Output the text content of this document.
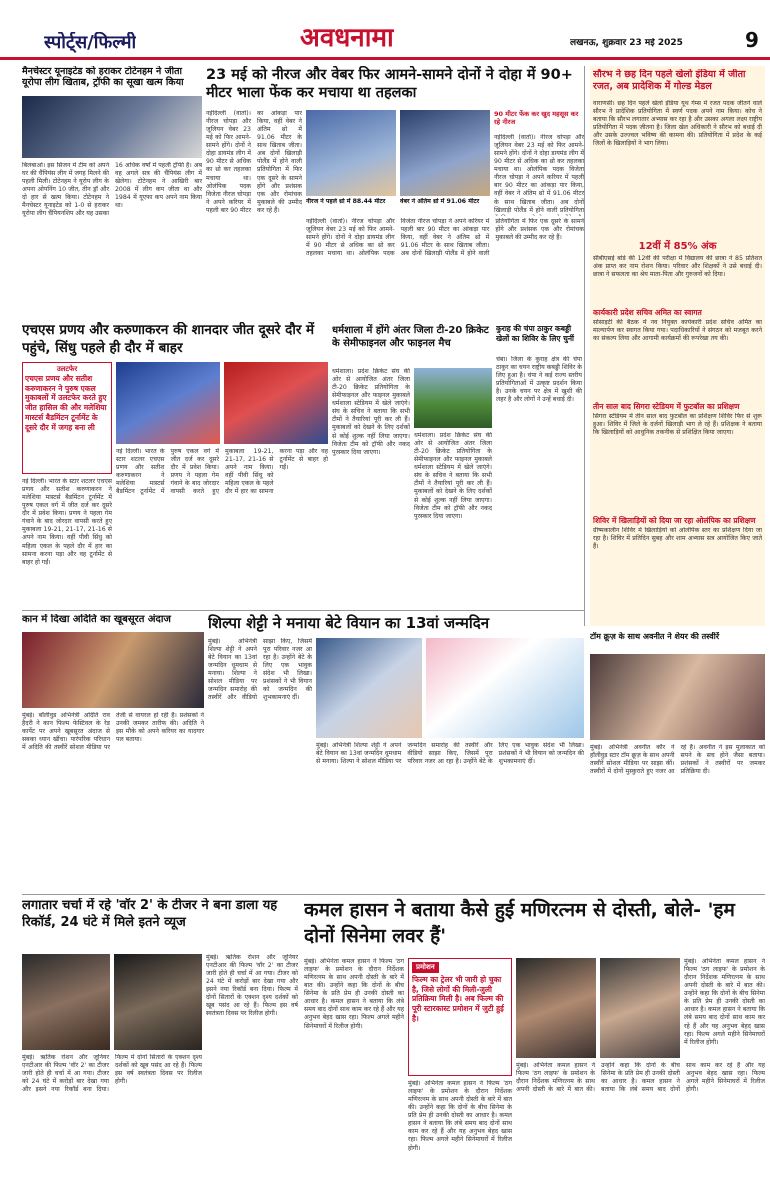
स्पोर्ट्स/फिल्मी	अवधनामा	लखनऊ, शुक्रवार 23 मई 2025	9
मैनचेस्टर यूनाइटेड को हराकर टोटेनहम ने जीता यूरोपा लीग खिताब, ट्रॉफी का सूखा खत्म किया
बिलबाओ। इस सिजन में टीम को अपने घर की चैंपियंस लीग में जगह मिलने की पहली मिली। टोटेनहम ने यूरोप लीग के अपना ओपनिंग 10 जीत, तीन ड्रॉ और दो हार से खत्म किया। टोटेनहम ने मैनचेस्टर यूनाइटेड को 1-0 से हराकर यूरोपा लीग चैंपियनशिप और यह उसका 16 अधिक वर्षों में पहली ट्रॉफी है। अब वह अगले सत्र की चैंपियंस लीग में खेलेगा। टोटेनहम ने आखिरी बार 2008 में लीग कप जीता था और 1984 में यूएफा कप अपने नाम किया था।
23 मई को नीरज और वेबर फिर आमने-सामने दोनों ने दोहा में 90+ मीटर भाला फेंक कर मचाया था तहलका
नईदिल्ली (वार्ता)। नीरज चोपड़ा और जूलियन वेबर 23 मई को फिर आमने-सामने होंगे। दोनों ने दोहा डायमंड लीग में 90 मीटर से अधिक का थ्रो कर तहलका मचाया था। ओलंपिक पदक विजेता नीरज चोपड़ा ने अपने करियर में पहली बार 90 मीटर का आंकड़ा पार किया, वहीं वेबर ने अंतिम थ्रो में 91.06 मीटर के साथ खिताब जीता। अब दोनों खिलाड़ी पोलैंड में होने वाली प्रतियोगिता में फिर एक दूसरे के सामने होंगे और प्रशंसक एक और रोमांचक मुकाबले की उम्मीद कर रहे हैं।
नीरज ने पहले थ्रो में 88.44 मीटर	वेबर ने अंतिम थ्रो में 91.06 मीटर
90 मीटर फेंक कर खुद महसूस कर रहे नीरज
नईदिल्ली (वार्ता)। नीरज चोपड़ा और जूलियन वेबर 23 मई को फिर आमने-सामने होंगे। दोनों ने दोहा डायमंड लीग में 90 मीटर से अधिक का थ्रो कर तहलका मचाया था। ओलंपिक पदक विजेता नीरज चोपड़ा ने अपने करियर में पहली बार 90 मीटर का आंकड़ा पार किया, वहीं वेबर ने अंतिम थ्रो में 91.06 मीटर के साथ खिताब जीता। अब दोनों खिलाड़ी पोलैंड में होने वाली प्रतियोगिता में फिर एक दूसरे के सामने होंगे और प्रशंसक एक और रोमांचक मुकाबले की उम्मीद कर रहे हैं।
नईदिल्ली (वार्ता)। नीरज चोपड़ा और जूलियन वेबर 23 मई को फिर आमने-सामने होंगे। दोनों ने दोहा डायमंड लीग में 90 मीटर से अधिक का थ्रो कर तहलका मचाया था। ओलंपिक पदक विजेता नीरज चोपड़ा ने अपने करियर में पहली बार 90 मीटर का आंकड़ा पार किया, वहीं वेबर ने अंतिम थ्रो में 91.06 मीटर के साथ खिताब जीता। अब दोनों खिलाड़ी पोलैंड में होने वाली प्रतियोगिता
सौरभ ने छह दिन पहले खेलो इंडिया में जीता रजत, अब प्रादेशिक में गोल्ड मेडल
वाराणसी। छह दिन पहले खेलो इंडिया यूथ गेम्स में रजत पदक जीतने वाले सौरभ ने प्रादेशिक प्रतियोगिता में स्वर्ण पदक अपने नाम किया। कोच ने बताया कि सौरभ लगातार अभ्यास कर रहा है और उसका अगला लक्ष्य राष्ट्रीय प्रतियोगिता में पदक जीतना है। जिला खेल अधिकारी ने सौरभ को बधाई दी और उसके उज्ज्वल भविष्य की कामना की। प्रतियोगिता में प्रदेश के कई जिलों के खिलाड़ियों ने भाग लिया।
12वीं में 85% अंक
सीबीएसई बोर्ड की 12वीं की परीक्षा में विद्यालय की छात्रा ने 85 प्रतिशत अंक प्राप्त कर नाम रोशन किया। परिवार और शिक्षकों ने उसे बधाई दी। छात्रा ने सफलता का श्रेय माता-पिता और गुरुजनों को दिया।
कार्यकारी प्रदेश सचिव अमित का स्वागत
सोसाइटी की बैठक में नव नियुक्त कार्यकारी प्रदेश सचिव अमित का माल्यार्पण कर स्वागत किया गया। पदाधिकारियों ने संगठन को मजबूत करने का संकल्प लिया और आगामी कार्यक्रमों की रूपरेखा तय की।
तीन साल बाद सिगरा स्टेडियम में फुटबॉल का प्रशिक्षण
सिगरा स्टेडियम में तीन साल बाद फुटबॉल का प्रशिक्षण शिविर फिर से शुरू हुआ। शिविर में जिले के दर्जनों खिलाड़ी भाग ले रहे हैं। प्रशिक्षक ने बताया कि खिलाड़ियों को आधुनिक तकनीक से प्रशिक्षित किया जाएगा।
शिविर में खिलाड़ियों को दिया जा रहा ओलंपिक का प्रशिक्षण
ग्रीष्मकालीन शिविर में खिलाड़ियों को ओलंपिक स्तर का प्रशिक्षण दिया जा रहा है। शिविर में प्रतिदिन सुबह और शाम अभ्यास सत्र आयोजित किए जाते हैं।
एचएस प्रणय और करुणाकरन की शानदार जीत दूसरे दौर में पहुंचे, सिंधु पहले ही दौर में बाहर
उलटफेर
एचएस प्रणय और सतीश करुणाकरन ने पुरुष एकल मुकाबलों में उलटफेर करते हुए जीत हासिल की और मलेशिया मास्टर्स बैडमिंटन टूर्नामेंट के दूसरे दौर में जगह बना ली
नई दिल्ली। भारत के स्टार शटलर एचएस प्रणय और सतीश करुणाकरन ने मलेशिया मास्टर्स बैडमिंटन टूर्नामेंट में पुरुष एकल वर्ग में जीत दर्ज कर दूसरे दौर में प्रवेश किया। प्रणय ने पहला गेम गंवाने के बाद जोरदार वापसी करते हुए मुकाबला 19-21, 21-17, 21-16 से अपने नाम किया। वहीं पीवी सिंधु को महिला एकल के पहले दौर में हार का सामना करना पड़ा और वह टूर्नामेंट से बाहर हो गईं।
नई दिल्ली। भारत के स्टार शटलर एचएस प्रणय और सतीश करुणाकरन ने मलेशिया मास्टर्स बैडमिंटन टूर्नामेंट में पुरुष एकल वर्ग में जीत दर्ज कर दूसरे दौर में प्रवेश किया। प्रणय ने पहला गेम गंवाने के बाद जोरदार वापसी करते हुए मुकाबला 19-21, 21-17, 21-16 से अपने नाम किया। वहीं पीवी सिंधु को महिला एकल के पहले दौर में हार का सामना करना पड़ा और वह टूर्नामेंट से बाहर हो गईं।
धर्मशाला में होंगे अंतर जिला टी-20 क्रिकेट के सेमीफाइनल और फाइनल मैच
धर्मशाला। प्रदेश क्रिकेट संघ की ओर से आयोजित अंतर जिला टी-20 क्रिकेट प्रतियोगिता के सेमीफाइनल और फाइनल मुकाबले धर्मशाला स्टेडियम में खेले जाएंगे। संघ के सचिव ने बताया कि सभी टीमों ने तैयारियां पूरी कर ली हैं। मुकाबलों को देखने के लिए दर्शकों से कोई शुल्क नहीं लिया जाएगा। विजेता टीम को ट्रॉफी और नकद पुरस्कार दिया जाएगा।
धर्मशाला। प्रदेश क्रिकेट संघ की ओर से आयोजित अंतर जिला टी-20 क्रिकेट प्रतियोगिता के सेमीफाइनल और फाइनल मुकाबले धर्मशाला स्टेडियम में खेले जाएंगे। संघ के सचिव ने बताया कि सभी टीमों ने तैयारियां पूरी कर ली हैं। मुकाबलों को देखने के लिए दर्शकों से कोई शुल्क नहीं लिया जाएगा। विजेता टीम को ट्रॉफी और नकद पुरस्कार दिया जाएगा।
कुराह की चंपा ठाकुर कबड्डी खेलों का शिविर के लिए चुनीं
चंबा। जिला के कुराह क्षेत्र की चंपा ठाकुर का चयन राष्ट्रीय कबड्डी शिविर के लिए हुआ है। चंपा ने कई राज्य स्तरीय प्रतियोगिताओं में उत्कृष्ट प्रदर्शन किया है। उनके चयन पर क्षेत्र में खुशी की लहर है और लोगों ने उन्हें बधाई दी।
कान में दिखा अदिति का खूबसूरत अंदाज
मुंबई। बॉलीवुड अभिनेत्री अदिति राव हैदरी ने कान फिल्म फेस्टिवल के रेड कार्पेट पर अपने खूबसूरत अंदाज से सबका ध्यान खींचा। पारंपरिक परिधान में अदिति की तस्वीरें सोशल मीडिया पर तेजी से वायरल हो रही हैं। प्रशंसकों ने उनकी जमकर तारीफ की। अदिति ने इस मौके को अपने करियर का यादगार पल बताया।
शिल्पा शेट्टी ने मनाया बेटे वियान का 13वां जन्मदिन
मुंबई। अभिनेत्री शिल्पा शेट्टी ने अपने बेटे वियान का 13वां जन्मदिन धूमधाम से मनाया। शिल्पा ने सोशल मीडिया पर जन्मदिन समारोह की तस्वीरें और वीडियो साझा किए, जिसमें पूरा परिवार नजर आ रहा है। उन्होंने बेटे के लिए एक भावुक संदेश भी लिखा। प्रशंसकों ने भी वियान को जन्मदिन की शुभकामनाएं दीं।
मुंबई। अभिनेत्री शिल्पा शेट्टी ने अपने बेटे वियान का 13वां जन्मदिन धूमधाम से मनाया। शिल्पा ने सोशल मीडिया पर जन्मदिन समारोह की तस्वीरें और वीडियो साझा किए, जिसमें पूरा परिवार नजर आ रहा है। उन्होंने बेटे के लिए एक भावुक संदेश भी लिखा। प्रशंसकों ने भी वियान को जन्मदिन की शुभकामनाएं दीं।
टॉम क्रूज़ के साथ अवनीत ने शेयर की तस्वीरें
मुंबई। अभिनेत्री अवनीत कौर ने हॉलीवुड स्टार टॉम क्रूज़ के साथ अपनी तस्वीरें सोशल मीडिया पर साझा कीं। तस्वीरों में दोनों मुस्कुराते हुए नजर आ रहे हैं। अवनीत ने इस मुलाकात को सपने के सच होने जैसा बताया। प्रशंसकों ने तस्वीरों पर जमकर प्रतिक्रिया दी।
लगातार चर्चा में रहे 'वॉर 2' के टीजर ने बना डाला यह रिकॉर्ड, 24 घंटे में मिले इतने व्यूज
मुंबई। ऋतिक रोशन और जूनियर एनटीआर की फिल्म 'वॉर 2' का टीजर जारी होते ही चर्चा में आ गया। टीजर को 24 घंटे में करोड़ों बार देखा गया और इसने नया रिकॉर्ड बना दिया। फिल्म में दोनों सितारों के एक्शन दृश्य दर्शकों को खूब पसंद आ रहे हैं। फिल्म इस वर्ष स्वतंत्रता दिवस पर रिलीज होगी।
मुंबई। ऋतिक रोशन और जूनियर एनटीआर की फिल्म 'वॉर 2' का टीजर जारी होते ही चर्चा में आ गया। टीजर को 24 घंटे में करोड़ों बार देखा गया और इसने नया रिकॉर्ड बना दिया। फिल्म में दोनों सितारों के एक्शन दृश्य दर्शकों को खूब पसंद आ रहे हैं। फिल्म इस वर्ष स्वतंत्रता दिवस पर रिलीज होगी।
कमल हासन ने बताया कैसे हुई मणिरत्नम से दोस्ती, बोले- 'हम दोनों सिनेमा लवर हैं'
प्रमोशन
फिल्म का ट्रेलर भी जारी हो चुका है, जिसे लोगों की मिली-जुली प्रतिक्रिया मिली है। अब फिल्म की पूरी स्टारकास्ट प्रमोशन में जुटी हुई है।
मुंबई। अभिनेता कमल हासन ने फिल्म 'ठग लाइफ' के प्रमोशन के दौरान निर्देशक मणिरत्नम के साथ अपनी दोस्ती के बारे में बात की। उन्होंने कहा कि दोनों के बीच सिनेमा के प्रति प्रेम ही उनकी दोस्ती का आधार है। कमल हासन ने बताया कि लंबे समय बाद दोनों साथ काम कर रहे हैं और यह अनुभव बेहद खास रहा। फिल्म अगले महीने सिनेमाघरों में रिलीज होगी।
मुंबई। अभिनेता कमल हासन ने फिल्म 'ठग लाइफ' के प्रमोशन के दौरान निर्देशक मणिरत्नम के साथ अपनी दोस्ती के बारे में बात की। उन्होंने कहा कि दोनों के बीच सिनेमा के प्रति प्रेम ही उनकी दोस्ती का आधार है। कमल हासन ने बताया कि लंबे समय बाद दोनों साथ काम कर रहे हैं और यह अनुभव बेहद खास रहा। फिल्म अगले महीने सिनेमाघरों में रिलीज होगी।
मुंबई। अभिनेता कमल हासन ने फिल्म 'ठग लाइफ' के प्रमोशन के दौरान निर्देशक मणिरत्नम के साथ अपनी दोस्ती के बारे में बात की। उन्होंने कहा कि दोनों के बीच सिनेमा के प्रति प्रेम ही उनकी दोस्ती का आधार है। कमल हासन ने बताया कि लंबे समय बाद दोनों साथ काम कर रहे हैं और यह अनुभव बेहद खास रहा। फिल्म अगले महीने सिनेमाघरों में रिलीज होगी।
मुंबई। अभिनेता कमल हासन ने फिल्म 'ठग लाइफ' के प्रमोशन के दौरान निर्देशक मणिरत्नम के साथ अपनी दोस्ती के बारे में बात की। उन्होंने कहा कि दोनों के बीच सिनेमा के प्रति प्रेम ही उनकी दोस्ती का आधार है। कमल हासन ने बताया कि लंबे समय बाद दोनों साथ काम कर रहे हैं और यह अनुभव बेहद खास रहा। फिल्म अगले महीने सिनेमाघरों में रिलीज होगी।
